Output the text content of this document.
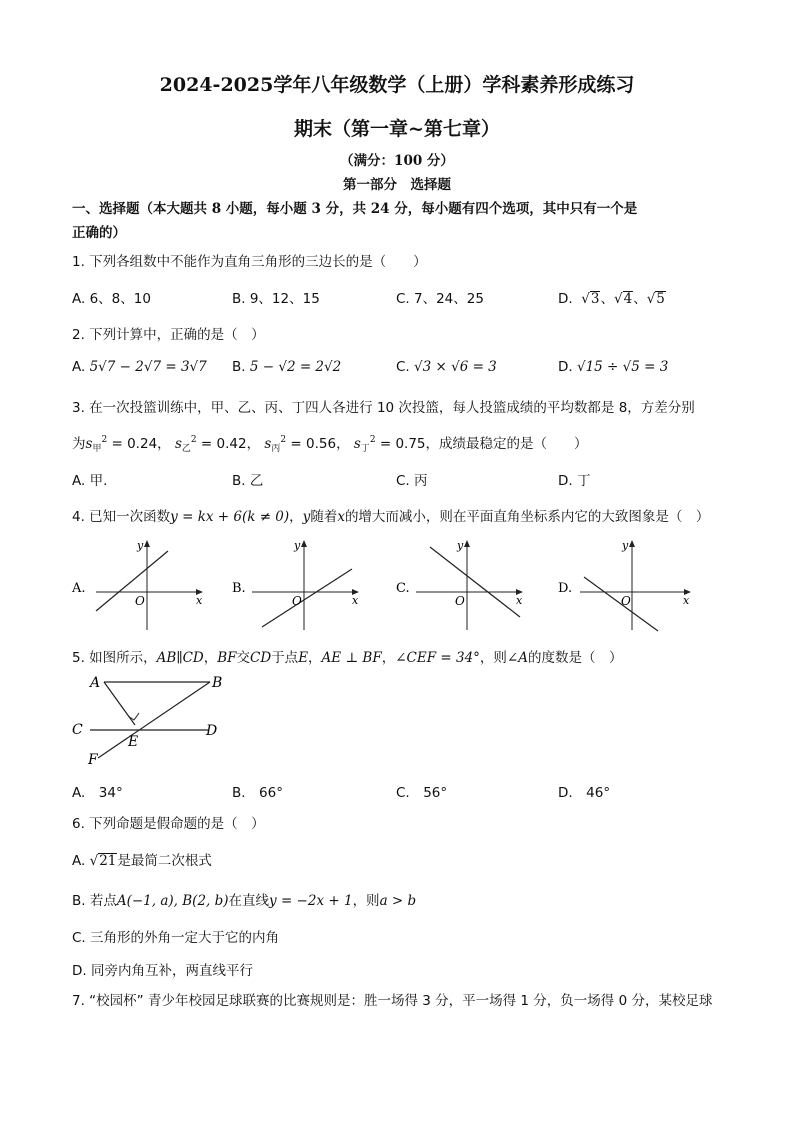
2024-2025学年八年级数学（上册）学科素养形成练习
期末（第一章~第七章）
（满分：100 分）
第一部分　选择题
一、选择题（本大题共 8 小题，每小题 3 分，共 24 分，每小题有四个选项，其中只有一个是
正确的）
1. 下列各组数中不能作为直角三角形的三边长的是（　　）
A. 6、8、10	B. 9、12、15	C. 7、24、25	D.  √3、√4、√5
2. 下列计算中，正确的是（　）
A. 5√7 − 2√7 = 3√7 B. 5 − √2 = 2√2	C. √3 × √6 = 3	D. √15 ÷ √5 = 3
3. 在一次投篮训练中，甲、乙、丙、丁四人各进行 10 次投篮，每人投篮成绩的平均数都是 8，方差分别
为$s_甲^2 = 0.24$， $s_乙^2 = 0.42$， $s_丙^2 = 0.56$， $s_丁^2 = 0.75$，成绩最稳定的是（　　）
A. 甲.	B. 乙	C. 丙	D. 丁
4. 已知一次函数y = kx + 6(k ≠ 0)，y随着x的增大而减小，则在平面直角坐标系内它的大致图象是（　）
A.
O
y
x
B.
O
y
x
C.
O
y
x
D.
O
y
x
5. 如图所示，AB∥CD，BF交CD于点E，AE ⊥ BF，∠CEF = 34°，则∠A的度数是（　）
A	B
C	D
E
F
A.　34°	B.　66°	C.　56°	D.　46°
6. 下列命题是假命题的是（　）
A. √21是最简二次根式
B. 若点A(−1, a), B(2, b)在直线y = −2x + 1，则a > b
C. 三角形的外角一定大于它的内角
D. 同旁内角互补，两直线平行
7. “校园杯” 青少年校园足球联赛的比赛规则是：胜一场得 3 分，平一场得 1 分，负一场得 0 分，某校足球
